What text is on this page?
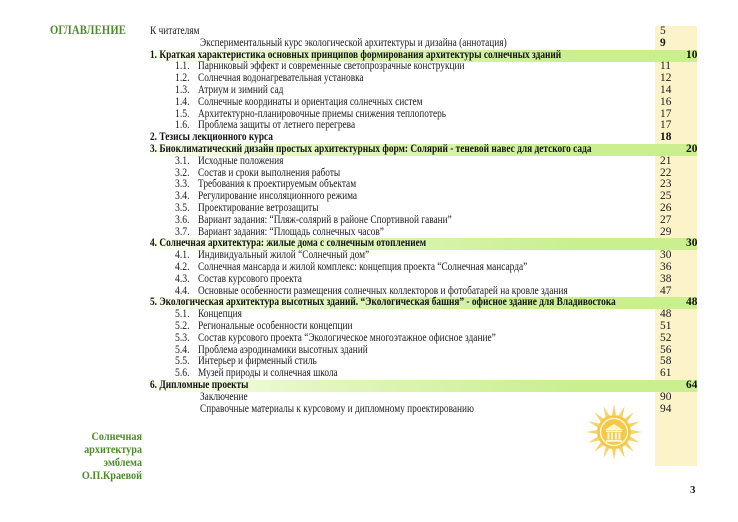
ОГЛАВЛЕНИЕ
Солнечная архитектура
эмблема
О.П.Краевой
К читателям	5
Экспериментальный курс экологической архитектуры и дизайна (аннотация)	9
1. Краткая характеристика основных принципов формирования архитектуры солнечных зданий	10
1.1. Парниковый эффект и современные светопрозрачные конструкции	11
1.2. Солнечная водонагревательная установка	12
1.3. Атриум и зимний сад	14
1.4. Солнечные координаты и ориентация солнечных систем	16
1.5. Архитектурно-планировочные приемы снижения теплопотерь	17
1.6. Проблема защиты от летнего перегрева	17
2. Тезисы лекционного курса	18
3. Биоклиматический дизайн простых архитектурных форм: Солярий - теневой навес для детского сада	20
3.1. Исходные положения	21
3.2. Состав и сроки выполнения работы	22
3.3. Требования к проектируемым объектам	23
3.4. Регулирование инсоляционного режима	25
3.5. Проектирование ветрозащиты	26
3.6. Вариант задания: “Пляж-солярий в районе Спортивной гавани”	27
3.7. Вариант задания: “Площадь солнечных часов”	29
4. Солнечная архитектура: жилые дома с солнечным отоплением	30
4.1. Индивидуальный жилой “Солнечный дом”	30
4.2. Солнечная мансарда и жилой комплекс: концепция проекта “Солнечная мансарда”	36
4.3. Состав курсового проекта	38
4.4. Основные особенности размещения солнечных коллекторов и фотобатарей на кровле здания	47
5. Экологическая архитектура высотных зданий. “Экологическая башня” - офисное здание для Владивостока	48
5.1. Концепция	48
5.2. Региональные особенности концепции	51
5.3. Состав курсового проекта “Экологическое многоэтажное офисное здание”	52
5.4. Проблема аэродинамики высотных зданий	56
5.5. Интерьер и фирменный стиль	58
5.6. Музей природы и солнечная школа	61
6. Дипломные проекты	64
Заключение	90
Справочные материалы к курсовому и дипломному проектированию	94
3
